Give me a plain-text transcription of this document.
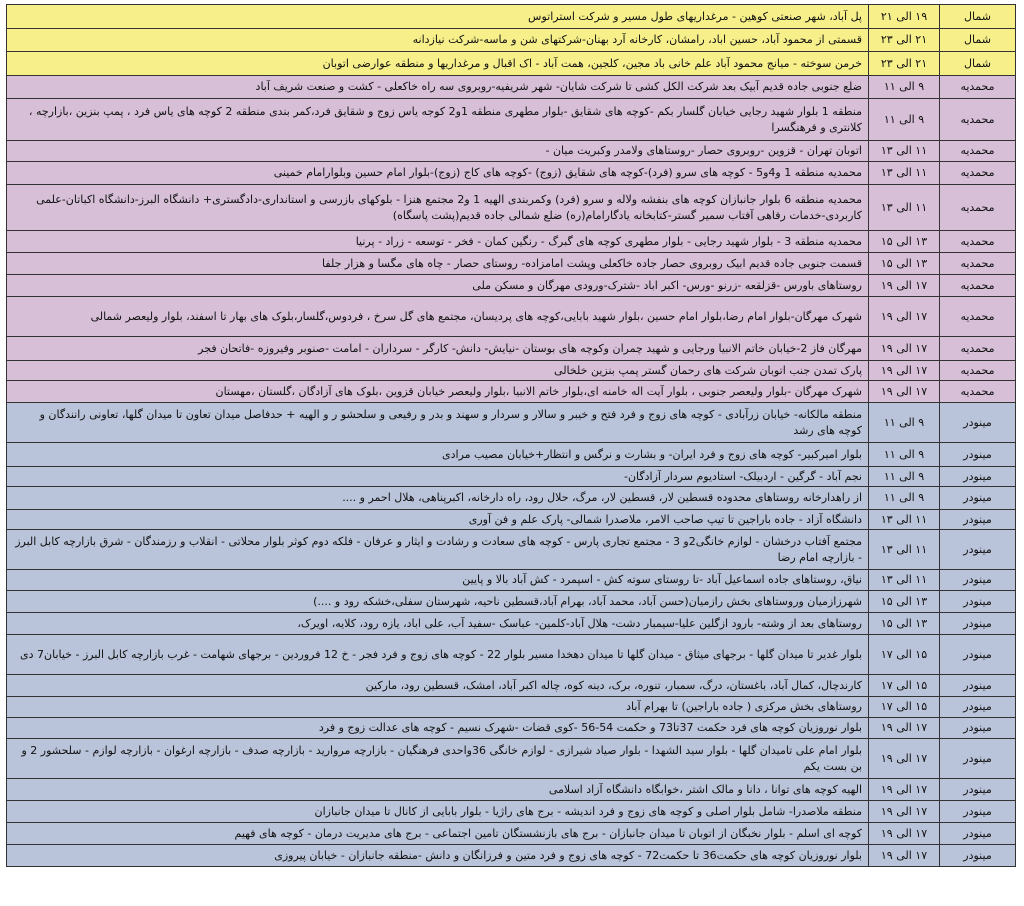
شمال	۱۹ الی ۲۱	پل آباد، شهر صنعتی کوهین - مرغداریهای طول مسیر و شرکت استراتوس
شمال	۲۱ الی ۲۳	قسمتی از محمود آباد، حسین اباد، رامشان، کارخانه آرد بهنان-شرکتهای شن و ماسه-شرکت نیازدانه
شمال	۲۱ الی ۲۳	خرمن سوخته - میانج محمود آباد علم خانی باد مجین، کلجین، همت آباد - اک اقبال و مرغداریها و منطقه عوارضی اتوبان
محمدیه	۹ الی ۱۱	ضلع جنوبی جاده قدیم آبیک بعد شرکت الکل کشی تا شرکت شایان- شهر شریفیه-روبروی سه راه خاکعلی - کشت و صنعت شریف آباد
محمدیه	۹ الی ۱۱	منطقه 1 بلوار شهید رجایی خیابان گلسار بکم -کوچه های شقایق -بلوار مطهری منطقه 1و2 کوجه یاس زوج و شقایق فرد،کمر بندی منطقه 2 کوچه های یاس فرد ، پمپ بنزین ،بازارچه ، کلانتری و فرهنگسرا
محمدیه	۱۱ الی ۱۳	اتوبان تهران - قزوین -روبروی حصار -روستاهای ولامدر وکبریت میان -
محمدیه	۱۱ الی ۱۳	محمدیه منطقه 1 و4و5 - کوچه های سرو (فرد)-کوچه های شقایق (زوج) -کوچه های کاج (زوج)-بلوار امام حسین وبلوارامام خمینی
محمدیه	۱۱ الی ۱۳	محمدیه منطقه 6 بلوار جانبازان کوچه های بنفشه ولاله و سرو (فرد) وکمربندی الهیه 1 و2 مجتمع هنزا - بلوکهای بازرسی و استانداری-دادگستری+ دانشگاه البرز-دانشگاه اکباتان-علمی کاربردی-خدمات رفاهی آفتاب سمیر گستر-کتابخانه یادگارامام(ره) ضلع شمالی جاده قدیم(پشت پاسگاه)
محمدیه	۱۳ الی ۱۵	محمدیه منطقه 3 - بلوار شهید رجایی - بلوار مطهری کوچه های گبرگ - رنگین کمان - فخر - توسعه - زراد - پرنیا
محمدیه	۱۳ الی ۱۵	قسمت جنوبی جاده قدیم ابیک روبروی حصار جاده خاکعلی وپشت امامزاده- روستای حصار - چاه های مگسا و هزار جلفا
محمدیه	۱۷ الی ۱۹	روستاهای باورس -قزلقعه -زرنو -ورس- اکبر اباد -شترک-ورودی مهرگان و مسکن ملی
محمدیه	۱۷ الی ۱۹	شهرک مهرگان-بلوار امام رضا،بلوار امام حسین ،بلوار شهید بابایی،کوچه های پردیسان، مجتمع های گل سرخ ، فردوس،گلسار،بلوک های بهار تا اسفند، بلوار ولیعصر شمالی
محمدیه	۱۷ الی ۱۹	مهرگان فاز 2-خیابان خاتم الانبیا ورجایی و شهید چمران وکوچه های بوستان -نیایش- دانش- کارگر - سرداران - امامت -صنوبر وفیروزه -فاتحان فجر
محمدیه	۱۷ الی ۱۹	پارک تمدن جنب اتوبان شرکت های رحمان گستر پمپ بنزین خلخالی
محمدیه	۱۷ الی ۱۹	شهرک مهرگان -بلوار ولیعصر جنوبی ، بلوار آیت اله خامنه ای،بلوار خاتم الانبیا ،بلوار ولیعصر خیابان قزوین ،بلوک های آزادگان ،گلستان ،مهستان
مینودر	۹ الی ۱۱	منطقه مالکانه- خیابان زرآبادی - کوچه های زوج و فرد فتح و خیبر و سالار و سردار و سهند و بدر و رفیعی و سلحشو ر و الهیه + حدفاصل میدان تعاون تا میدان گلها، تعاونی رانندگان و کوچه های رشد
مینودر	۹ الی ۱۱	بلوار امیرکبیر- کوچه های زوج و فرد ایران- و بشارت و نرگس و انتظار+خیابان مصیب مرادی
مینودر	۹ الی ۱۱	نجم آباد - گرگین - اردبیلک- استادیوم سردار آزادگان-
مینودر	۹ الی ۱۱	از راهدارخانه روستاهای محدوده قسطین لار، قسطین لار، مرگ، حلال رود، راه دارخانه، اکبرپناهی، هلال احمر و ....
مینودر	۱۱ الی ۱۳	دانشگاه آزاد - جاده باراجین تا تیپ صاحب الامر، ملاصدرا شمالی- پارک علم و فن آوری
مینودر	۱۱ الی ۱۳	مجتمع آفتاب درخشان - لوازم خانگی2و 3 - مجتمع تجاری پارس - کوچه های سعادت و رشادت و ایثار و عرفان - فلکه دوم کوثر بلوار محلاتی - انقلاب و رزمندگان - شرق بازارچه کابل البرز - بازارچه امام رضا
مینودر	۱۱ الی ۱۳	نیاق، روستاهای جاده اسماعیل آباد -تا روستای سوته کش - اسپمرد - کش آباد بالا و پایین
مینودر	۱۳ الی ۱۵	شهرزازمیان وروستاهای بخش رازمیان(حسن آباد، محمد آباد، بهرام آباد،قسطین ناحیه، شهرستان سفلی،خشکه رود و ....)
مینودر	۱۳ الی ۱۵	روستاهای بعد از وشته- بارود ازگلین علیا-سیمبار دشت- هلال آباد-کلمین- عباسک -سفید آب، علی اباد، یازه رود، کلایه، اویرک،
مینودر	۱۵ الی ۱۷	بلوار غدیر تا میدان گلها - برجهای میثاق - میدان گلها تا میدان دهخدا مسیر بلوار 22 - کوچه های زوج و فرد فجر - خ 12 فروردین - برجهای شهامت - غرب بازارچه کابل البرز - خیابان7 دی
مینودر	۱۵ الی ۱۷	کارندچال، کمال آباد، باغستان، درگ، سمبار، تنوره، برک، دینه کوه، چاله اکبر آباد، امشک، قسطین رود، مارکین
مینودر	۱۵ الی ۱۷	روستاهای بخش مرکزی ( جاده باراجین) تا بهرام آباد
مینودر	۱۷ الی ۱۹	بلوار نوروزیان کوچه های فرد حکمت 37تا73 و حکمت 54-56 -کوی قضات -شهرک نسیم - کوچه های عدالت زوج و فرد
مینودر	۱۷ الی ۱۹	بلوار امام علی تامیدان گلها - بلوار سید الشهدا - بلوار صیاد شیرازی - لوازم خانگی 36واحدی فرهنگیان - بازارچه مروارید - بازارچه صدف - بازارچه ارغوان - بازارچه لوازم - سلحشور 2 و بن بست یکم
مینودر	۱۷ الی ۱۹	الهیه کوچه های توانا ، دانا و مالک اشتر ،خوابگاه دانشگاه آزاد اسلامی
مینودر	۱۷ الی ۱۹	منطقه ملاصدرا- شامل بلوار اصلی و کوچه های زوج و فرد اندیشه - برج های راژیا - بلوار بابایی از کانال تا میدان جانبازان
مینودر	۱۷ الی ۱۹	کوچه ای اسلم - بلوار نخبگان از اتوبان تا میدان جانبازان - برج های بازنشستگان تامین اجتماعی - برج های مدیریت درمان - کوچه های فهیم
مینودر	۱۷ الی ۱۹	بلوار نوروزیان کوچه های حکمت36 تا حکمت72 - کوچه های زوج و فرد متین و فرزانگان و دانش -منطقه جانبازان - خیابان پیروزی
